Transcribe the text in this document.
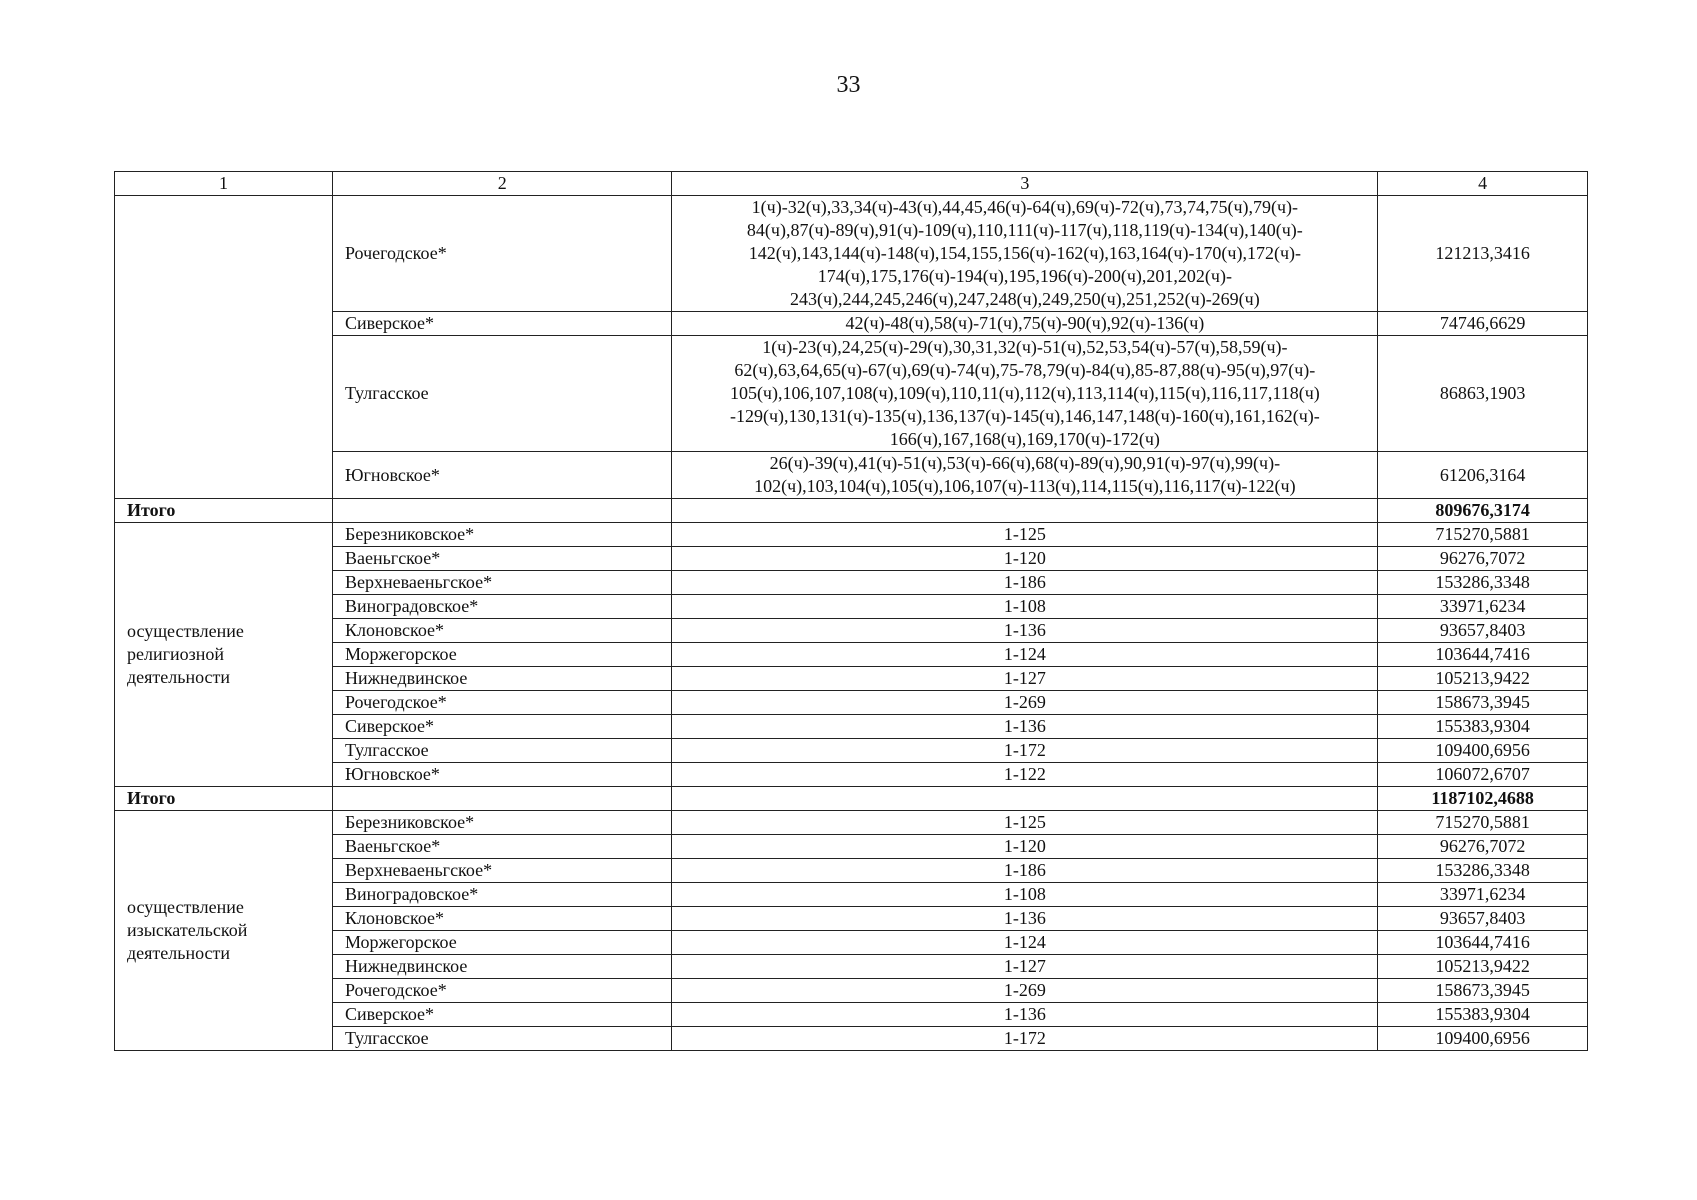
33
1	2	3	4
	Рочегодское*	1(ч)-32(ч),33,34(ч)-43(ч),44,45,46(ч)-64(ч),69(ч)-72(ч),73,74,75(ч),79(ч)-
84(ч),87(ч)-89(ч),91(ч)-109(ч),110,111(ч)-117(ч),118,119(ч)-134(ч),140(ч)-
142(ч),143,144(ч)-148(ч),154,155,156(ч)-162(ч),163,164(ч)-170(ч),172(ч)-
174(ч),175,176(ч)-194(ч),195,196(ч)-200(ч),201,202(ч)-
243(ч),244,245,246(ч),247,248(ч),249,250(ч),251,252(ч)-269(ч)	121213,3416
	Сиверское*	42(ч)-48(ч),58(ч)-71(ч),75(ч)-90(ч),92(ч)-136(ч)	74746,6629
	Тулгасское	1(ч)-23(ч),24,25(ч)-29(ч),30,31,32(ч)-51(ч),52,53,54(ч)-57(ч),58,59(ч)-
62(ч),63,64,65(ч)-67(ч),69(ч)-74(ч),75-78,79(ч)-84(ч),85-87,88(ч)-95(ч),97(ч)-
105(ч),106,107,108(ч),109(ч),110,11(ч),112(ч),113,114(ч),115(ч),116,117,118(ч)
-129(ч),130,131(ч)-135(ч),136,137(ч)-145(ч),146,147,148(ч)-160(ч),161,162(ч)-
166(ч),167,168(ч),169,170(ч)-172(ч)	86863,1903
	Югновское*	26(ч)-39(ч),41(ч)-51(ч),53(ч)-66(ч),68(ч)-89(ч),90,91(ч)-97(ч),99(ч)-
102(ч),103,104(ч),105(ч),106,107(ч)-113(ч),114,115(ч),116,117(ч)-122(ч)	61206,3164
Итого			809676,3174

осуществление
религиозной
деятельности	Березниковское*	1-125	715270,5881
	Ваеньгское*	1-120	96276,7072
	Верхневаеньгское*	1-186	153286,3348
	Виноградовское*	1-108	33971,6234
	Клоновское*	1-136	93657,8403
	Моржегорское	1-124	103644,7416
	Нижнедвинское	1-127	105213,9422
	Рочегодское*	1-269	158673,3945
	Сиверское*	1-136	155383,9304
	Тулгасское	1-172	109400,6956
	Югновское*	1-122	106072,6707
Итого			1187102,4688

осуществление
изыскательской
деятельности	Березниковское*	1-125	715270,5881
	Ваеньгское*	1-120	96276,7072
	Верхневаеньгское*	1-186	153286,3348
	Виноградовское*	1-108	33971,6234
	Клоновское*	1-136	93657,8403
	Моржегорское	1-124	103644,7416
	Нижнедвинское	1-127	105213,9422
	Рочегодское*	1-269	158673,3945
	Сиверское*	1-136	155383,9304
	Тулгасское	1-172	109400,6956
